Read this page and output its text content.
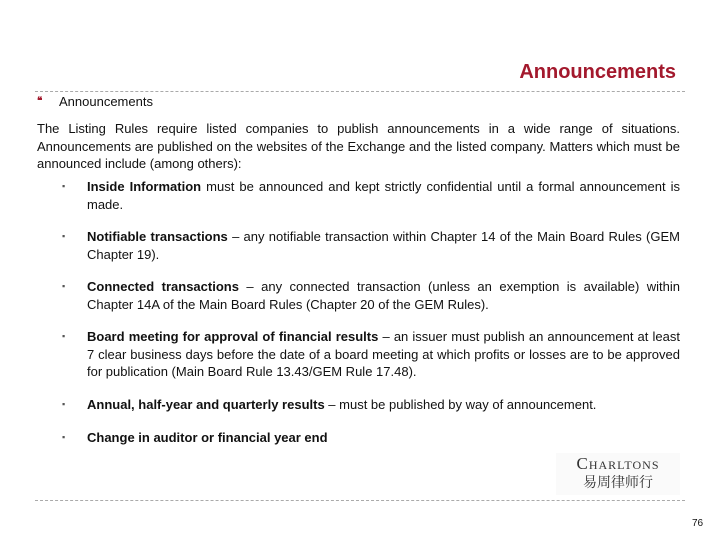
Announcements
❝	Announcements
The Listing Rules require listed companies to publish announcements in a wide range of situations. Announcements are published on the websites of the Exchange and the listed company. Matters which must be announced include (among others):
▪ Inside Information must be announced and kept strictly confidential until a formal announcement is made.
▪ Notifiable transactions – any notifiable transaction within Chapter 14 of the Main Board Rules (GEM Chapter 19).
▪ Connected transactions – any connected transaction (unless an exemption is available) within Chapter 14A of the Main Board Rules (Chapter 20 of the GEM Rules).
▪ Board meeting for approval of financial results – an issuer must publish an announcement at least 7 clear business days before the date of a board meeting at which profits or losses are to be approved for publication (Main Board Rule 13.43/GEM Rule 17.48).
▪ Annual, half-year and quarterly results – must be published by way of announcement.
▪ Change in auditor or financial year end
Charltons
易周律师行
76
